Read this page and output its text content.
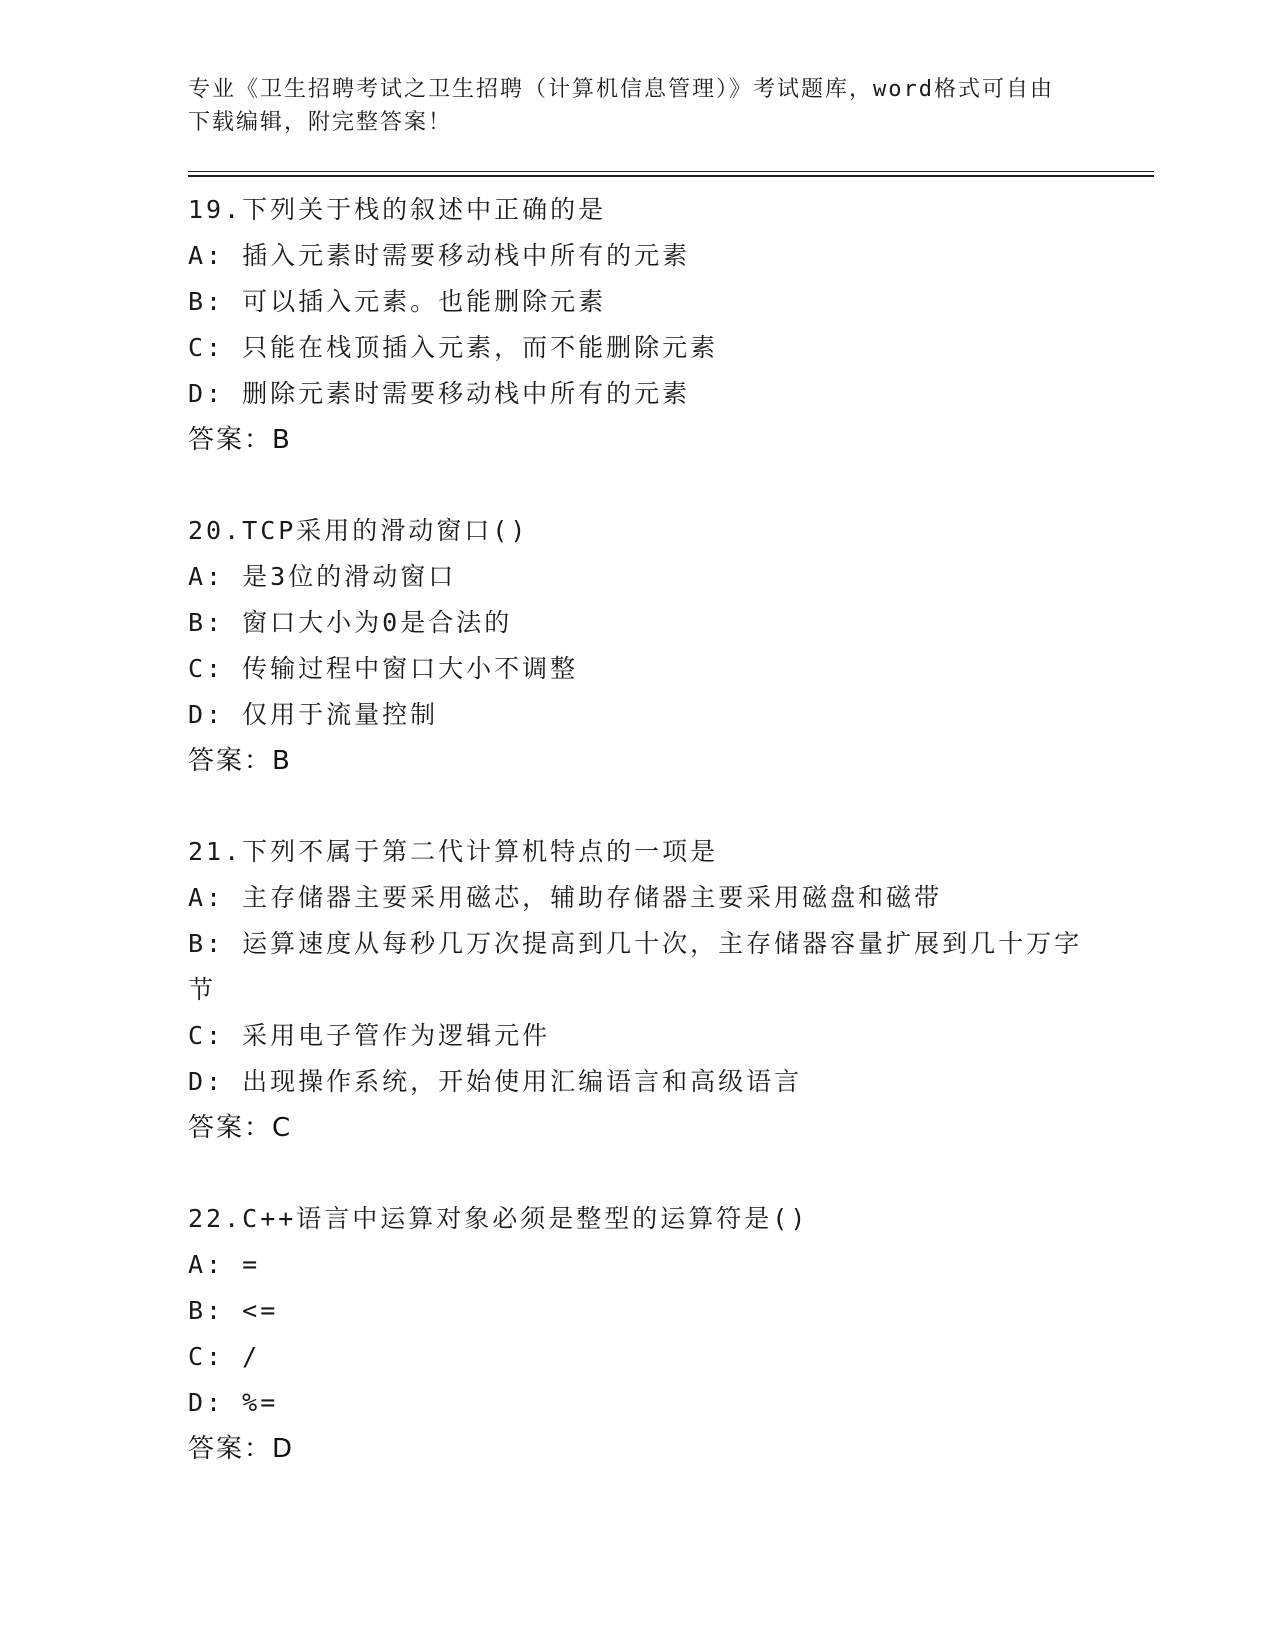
专业《卫生招聘考试之卫生招聘（计算机信息管理）》考试题库，word格式可自由下载编辑，附完整答案！
19.下列关于栈的叙述中正确的是
A: 插入元素时需要移动栈中所有的元素
B: 可以插入元素。也能删除元素
C: 只能在栈顶插入元素，而不能删除元素
D: 删除元素时需要移动栈中所有的元素
答案：B
20.TCP采用的滑动窗口()
A: 是3位的滑动窗口
B: 窗口大小为0是合法的
C: 传输过程中窗口大小不调整
D: 仅用于流量控制
答案：B
21.下列不属于第二代计算机特点的一项是
A: 主存储器主要采用磁芯，辅助存储器主要采用磁盘和磁带
B: 运算速度从每秒几万次提高到几十次，主存储器容量扩展到几十万字节
C: 采用电子管作为逻辑元件
D: 出现操作系统，开始使用汇编语言和高级语言
答案：C
22.C++语言中运算对象必须是整型的运算符是()
A: =
B: <=
C: /
D: %=
答案：D
